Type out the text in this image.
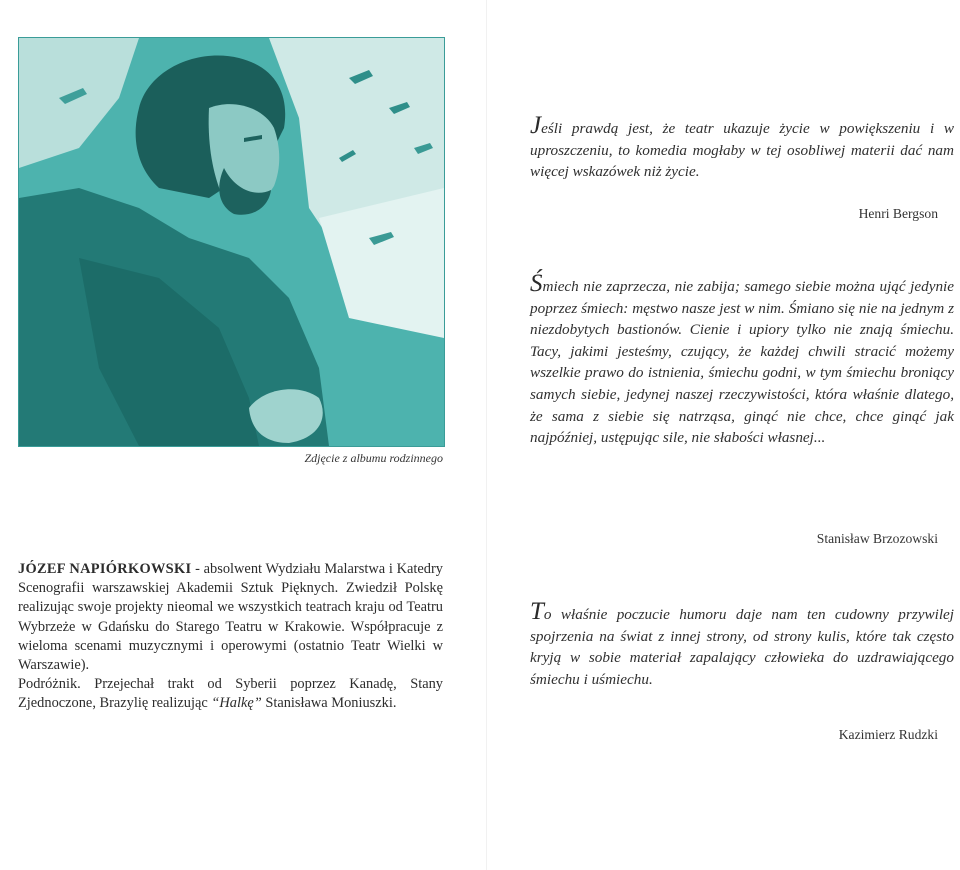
Zdjęcie z albumu rodzinnego

JÓZEF NAPIÓRKOWSKI - absolwent Wydziału Malarstwa i Katedry Scenografii warszawskiej Akademii Sztuk Pięknych. Zwiedził Polskę realizując swoje projekty nieomal we wszystkich teatrach kraju od Teatru Wybrzeże w Gdańsku do Starego Teatru w Krakowie. Współpracuje z wieloma scenami muzycznymi i operowymi (ostatnio Teatr Wielki w Warszawie).

Podróżnik. Przejechał trakt od Syberii poprzez Kanadę, Stany Zjednoczone, Brazylię realizując “Halkę” Stanisława Moniuszki.

Jeśli prawdą jest, że teatr ukazuje życie w powiększeniu i w uproszczeniu, to komedia mogłaby w tej osobliwej materii dać nam więcej wskazówek niż życie.

Henri Bergson

Śmiech nie zaprzecza, nie zabija; samego siebie można ująć jedynie poprzez śmiech: męstwo nasze jest w nim. Śmiano się nie na jednym z niezdobytych bastionów. Cienie i upiory tylko nie znają śmiechu. Tacy, jakimi jesteśmy, czujący, że każdej chwili stracić możemy wszelkie prawo do istnienia, śmiechu godni, w tym śmiechu broniący samych siebie, jedynej naszej rzeczywistości, która właśnie dlatego, że sama z siebie się natrząsa, ginąć nie chce, chce ginąć jak najpóźniej, ustępując sile, nie słabości własnej...

Stanisław Brzozowski

To właśnie poczucie humoru daje nam ten cudowny przywilej spojrzenia na świat z innej strony, od strony kulis, które tak często kryją w sobie materiał zapalający człowieka do uzdrawiającego śmiechu i uśmiechu.

Kazimierz Rudzki
